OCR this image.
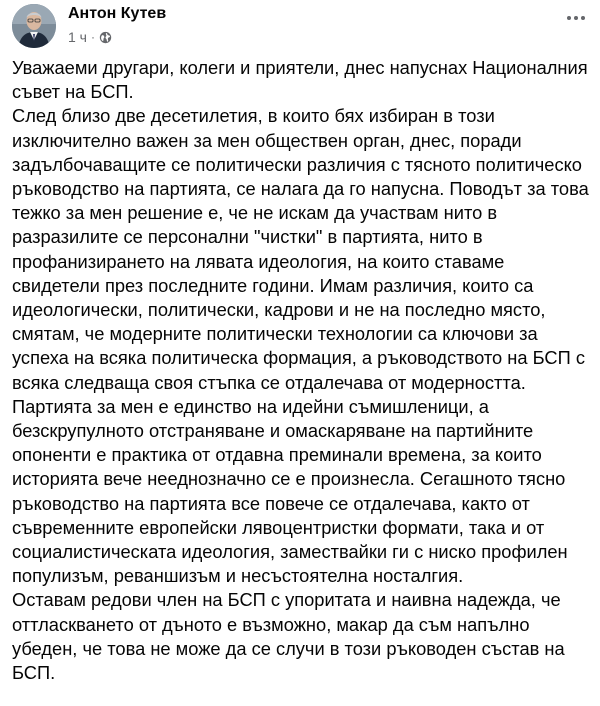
Антон Кутев
1 ч ·
Уважаеми другари, колеги и приятели, днес напуснах Националния
съвет на БСП.
След близо две десетилетия, в които бях избиран в този
изключително важен за мен обществен орган, днес, поради
задълбочаващите се политически различия с тясното политическо
ръководство на партията, се налага да го напусна. Поводът за това
тежко за мен решение е, че не искам да участвам нито в
разразилите се персонални "чистки" в партията, нито в
профанизирането на лявата идеология, на които ставаме
свидетели през последните години. Имам различия, които са
идеологически, политически, кадрови и не на последно място,
смятам, че модерните политически технологии са ключови за
успеха на всяка политическа формация, а ръководството на БСП с
всяка следваща своя стъпка се отдалечава от модерността.
Партията за мен е единство на идейни съмишленици, а
безскрупулното отстраняване и омаскаряване на партийните
опоненти е практика от отдавна преминали времена, за които
историята вече нееднозначно се е произнесла. Сегашното тясно
ръководство на партията все повече се отдалечава, както от
съвременните европейски лявоцентристки формати, така и от
социалистическата идеология, замествайки ги с ниско профилен
популизъм, реваншизъм и несъстоятелна носталгия.
Оставам редови член на БСП с упоритата и наивна надежда, че
оттласкването от дъното е възможно, макар да съм напълно
убеден, че това не може да се случи в този ръководен състав на
БСП.
